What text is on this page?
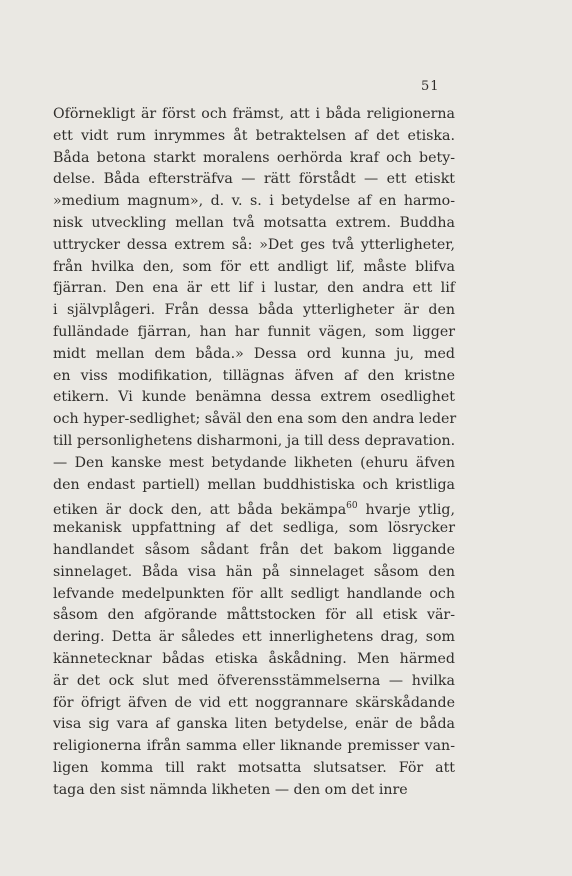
51
Oförnekligt är först och främst, att i båda religionerna
ett vidt rum inrymmes åt betraktelsen af det etiska.
Båda betona starkt moralens oerhörda kraf och bety-
delse. Båda eftersträfva — rätt förstådt — ett etiskt
»medium magnum», d. v. s. i betydelse af en harmo-
nisk utveckling mellan två motsatta extrem. Buddha
uttrycker dessa extrem så: »Det ges två ytterligheter,
från hvilka den, som för ett andligt lif, måste blifva
fjärran. Den ena är ett lif i lustar, den andra ett lif
i självplågeri. Från dessa båda ytterligheter är den
fulländade fjärran, han har funnit vägen, som ligger
midt mellan dem båda.» Dessa ord kunna ju, med
en viss modifikation, tillägnas äfven af den kristne
etikern. Vi kunde benämna dessa extrem osedlighet
och hyper-sedlighet; såväl den ena som den andra leder
till personlighetens disharmoni, ja till dess depravation.
— Den kanske mest betydande likheten (ehuru äfven
den endast partiell) mellan buddhistiska och kristliga
etiken är dock den, att båda bekämpa$^{60}$ hvarje ytlig,
mekanisk uppfattning af det sedliga, som lösrycker
handlandet såsom sådant från det bakom liggande
sinnelaget. Båda visa hän på sinnelaget såsom den
lefvande medelpunkten för allt sedligt handlande och
såsom den afgörande måttstocken för all etisk vär-
dering. Detta är således ett innerlighetens drag, som
kännetecknar bådas etiska åskådning. Men härmed
är det ock slut med öfverensstämmelserna — hvilka
för öfrigt äfven de vid ett noggrannare skärskådande
visa sig vara af ganska liten betydelse, enär de båda
religionerna ifrån samma eller liknande premisser van-
ligen komma till rakt motsatta slutsatser. För att
taga den sist nämnda likheten — den om det inre
